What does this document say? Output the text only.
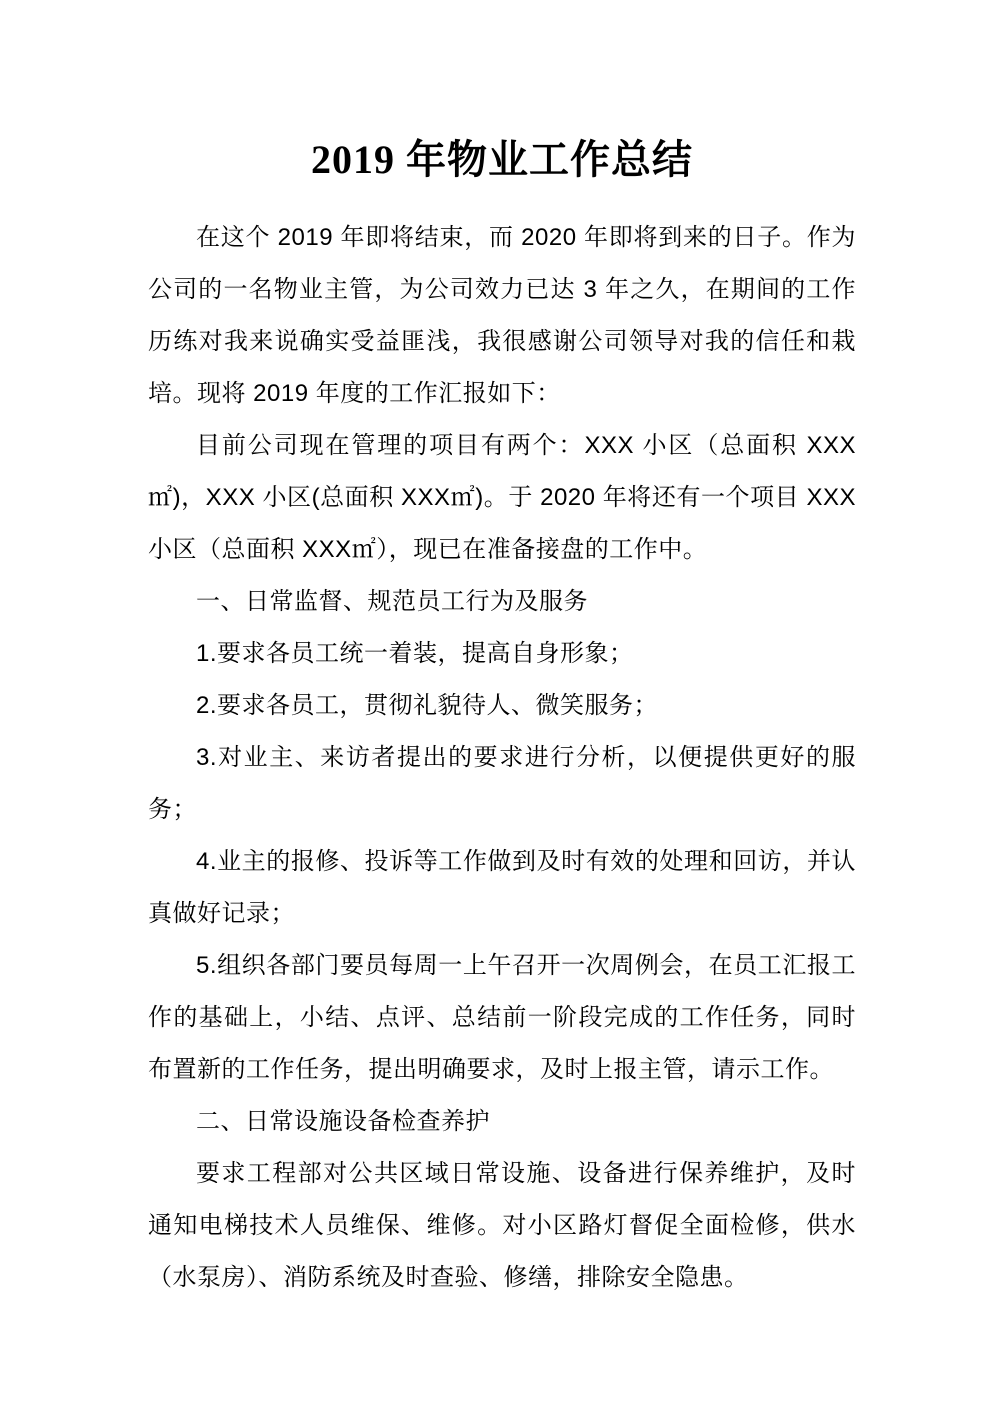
2019 年物业工作总结

在这个 2019 年即将结束，而 2020 年即将到来的日子。作为公司的一名物业主管，为公司效力已达 3 年之久，在期间的工作历练对我来说确实受益匪浅，我很感谢公司领导对我的信任和栽培。现将 2019 年度的工作汇报如下：

目前公司现在管理的项目有两个：XXX 小区（总面积 XXX㎡)，XXX 小区(总面积 XXX㎡)。于 2020 年将还有一个项目 XXX 小区（总面积 XXX㎡），现已在准备接盘的工作中。

一、日常监督、规范员工行为及服务

1.要求各员工统一着装，提高自身形象；

2.要求各员工，贯彻礼貌待人、微笑服务；

3.对业主、来访者提出的要求进行分析，以便提供更好的服务；

4.业主的报修、投诉等工作做到及时有效的处理和回访，并认真做好记录；

5.组织各部门要员每周一上午召开一次周例会，在员工汇报工作的基础上，小结、点评、总结前一阶段完成的工作任务，同时布置新的工作任务，提出明确要求，及时上报主管，请示工作。

二、日常设施设备检查养护

要求工程部对公共区域日常设施、设备进行保养维护，及时通知电梯技术人员维保、维修。对小区路灯督促全面检修，供水（水泵房）、消防系统及时查验、修缮，排除安全隐患。
